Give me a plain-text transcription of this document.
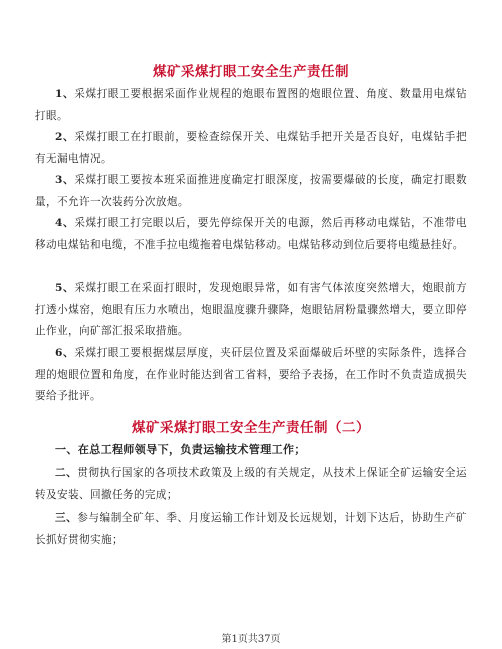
煤矿采煤打眼工安全生产责任制
1、采煤打眼工要根据采面作业规程的炮眼布置图的炮眼位置、角度、数量用电煤钻打眼。
2、采煤打眼工在打眼前，要检查综保开关、电煤钻手把开关是否良好，电煤钻手把有无漏电情况。
3、采煤打眼工要按本班采面推进度确定打眼深度，按需要爆破的长度，确定打眼数量，不允许一次装药分次放炮。
4、采煤打眼工打完眼以后，要先停综保开关的电源，然后再移动电煤钻，不准带电移动电煤钻和电缆，不准手拉电缆拖着电煤钻移动。电煤钻移动到位后要将电缆悬挂好。
5、采煤打眼工在采面打眼时，发现炮眼异常，如有害气体浓度突然增大，炮眼前方打透小煤窑，炮眼有压力水喷出，炮眼温度骤升骤降，炮眼钻屑粉量骤然增大，要立即停止作业，向矿部汇报采取措施。
6、采煤打眼工要根据煤层厚度，夹矸层位置及采面爆破后坏壁的实际条件，选择合理的炮眼位置和角度，在作业时能达到省工省料，要给予表扬，在工作时不负责造成损失要给予批评。
煤矿采煤打眼工安全生产责任制（二）
一、在总工程师领导下，负责运输技术管理工作；
二、贯彻执行国家的各项技术政策及上级的有关规定，从技术上保证全矿运输安全运转及安装、回撤任务的完成；
三、参与编制全矿年、季、月度运输工作计划及长远规划，计划下达后，协助生产矿长抓好贯彻实施；
第1页共37页
